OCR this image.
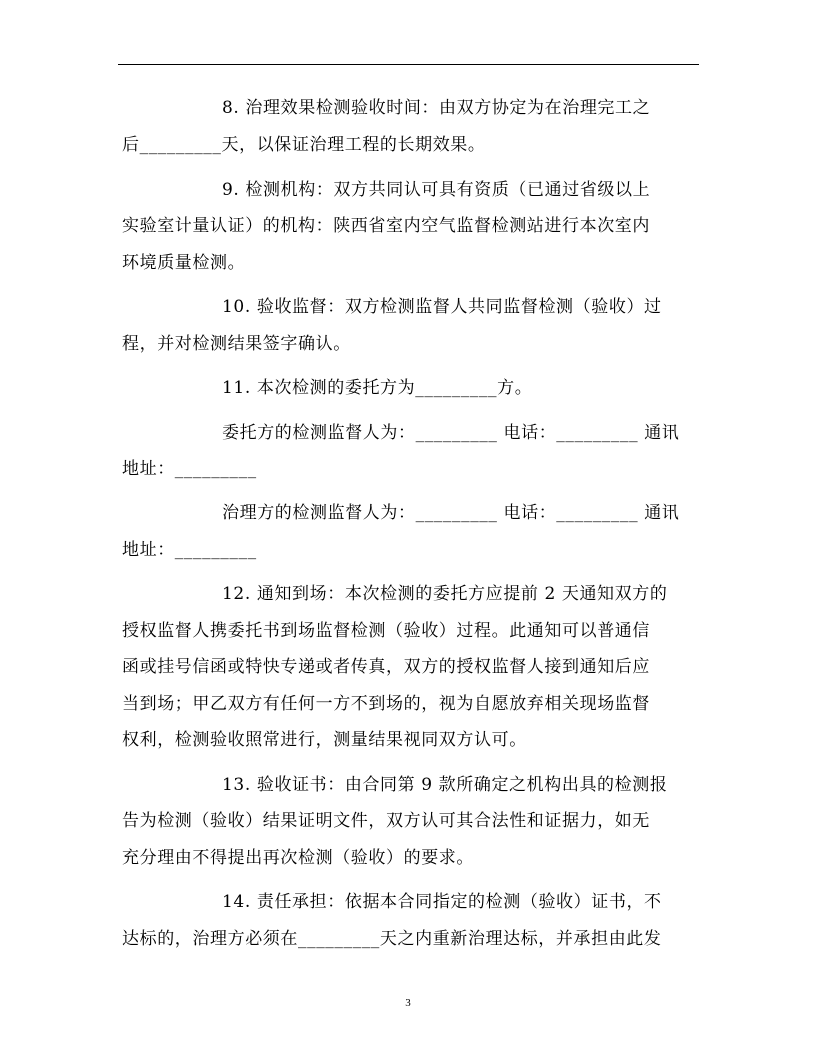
8. 治理效果检测验收时间：由双方协定为在治理完工之
后_________天，以保证治理工程的长期效果。
9. 检测机构：双方共同认可具有资质（已通过省级以上
实验室计量认证）的机构：陕西省室内空气监督检测站进行本次室内
环境质量检测。
10. 验收监督：双方检测监督人共同监督检测（验收）过
程，并对检测结果签字确认。
11. 本次检测的委托方为_________方。
委托方的检测监督人为：_________ 电话：_________ 通讯
地址：_________
治理方的检测监督人为：_________ 电话：_________ 通讯
地址：_________
12. 通知到场：本次检测的委托方应提前 2 天通知双方的
授权监督人携委托书到场监督检测（验收）过程。此通知可以普通信
函或挂号信函或特快专递或者传真，双方的授权监督人接到通知后应
当到场；甲乙双方有任何一方不到场的，视为自愿放弃相关现场监督
权利，检测验收照常进行，测量结果视同双方认可。
13. 验收证书：由合同第 9 款所确定之机构出具的检测报
告为检测（验收）结果证明文件，双方认可其合法性和证据力，如无
充分理由不得提出再次检测（验收）的要求。
14. 责任承担：依据本合同指定的检测（验收）证书，不
达标的，治理方必须在_________天之内重新治理达标，并承担由此发
3
